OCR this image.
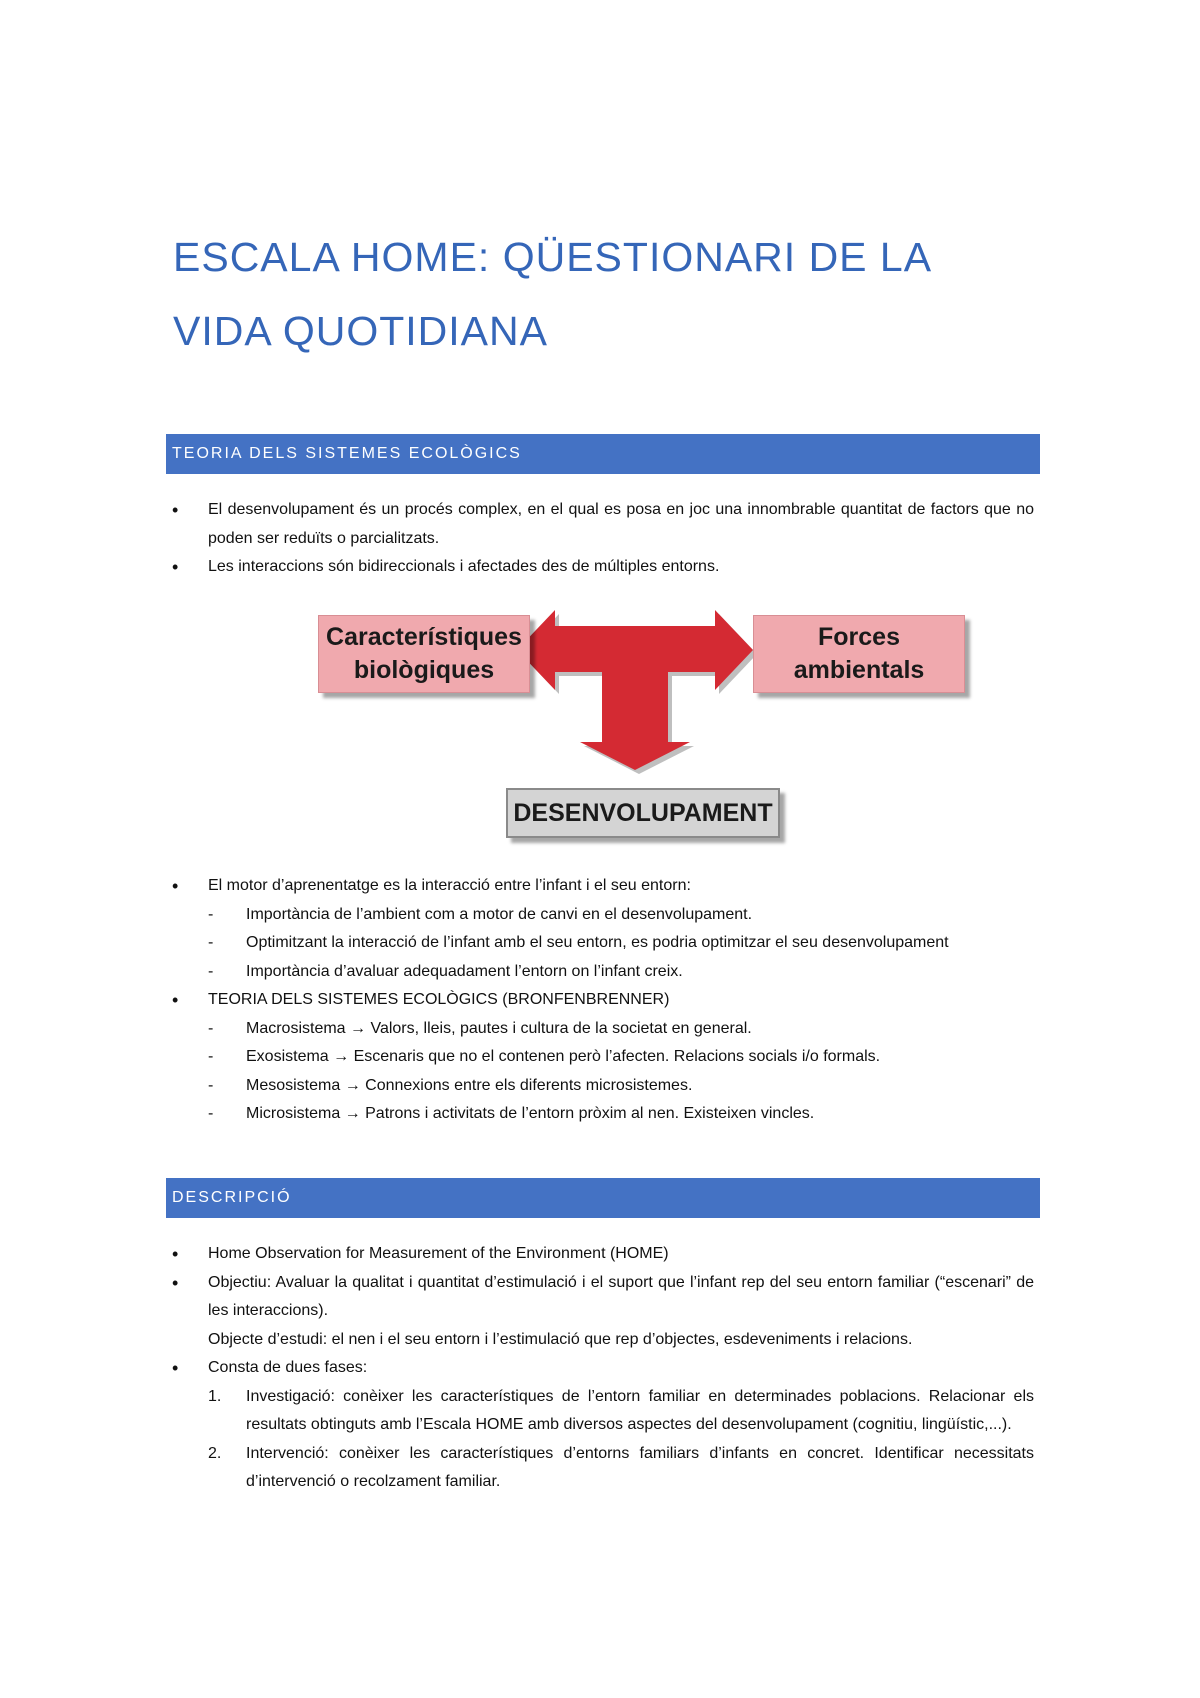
ESCALA HOME: QÜESTIONARI DE LA
VIDA QUOTIDIANA
TEORIA DELS SISTEMES ECOLÒGICS
• El desenvolupament és un procés complex, en el qual es posa en joc una innombrable quantitat de factors que no poden ser reduïts o parcialitzats.
• Les interaccions són bidireccionals i afectades des de múltiples entorns.
Característiques biològiques
Forces ambientals
DESENVOLUPAMENT
• El motor d’aprenentatge es la interacció entre l’infant i el seu entorn:
- Importància de l’ambient com a motor de canvi en el desenvolupament.
- Optimitzant la interacció de l’infant amb el seu entorn, es podria optimitzar el seu desenvolupament
- Importància d’avaluar adequadament l’entorn on l’infant creix.
• TEORIA DELS SISTEMES ECOLÒGICS (BRONFENBRENNER)
- Macrosistema → Valors, lleis, pautes i cultura de la societat en general.
- Exosistema → Escenaris que no el contenen però l’afecten. Relacions socials i/o formals.
- Mesosistema → Connexions entre els diferents microsistemes.
- Microsistema → Patrons i activitats de l’entorn pròxim al nen. Existeixen vincles.
DESCRIPCIÓ
• Home Observation for Measurement of the Environment (HOME)
• Objectiu: Avaluar la qualitat i quantitat d’estimulació i el suport que l’infant rep del seu entorn familiar (“escenari” de les interaccions).
Objecte d’estudi: el nen i el seu entorn i l’estimulació que rep d’objectes, esdeveniments i relacions.
• Consta de dues fases:
1. Investigació: conèixer les característiques de l’entorn familiar en determinades poblacions. Relacionar els resultats obtinguts amb l’Escala HOME amb diversos aspectes del desenvolupament (cognitiu, lingüístic,...).
2. Intervenció: conèixer les característiques d’entorns familiars d’infants en concret. Identificar necessitats d’intervenció o recolzament familiar.
